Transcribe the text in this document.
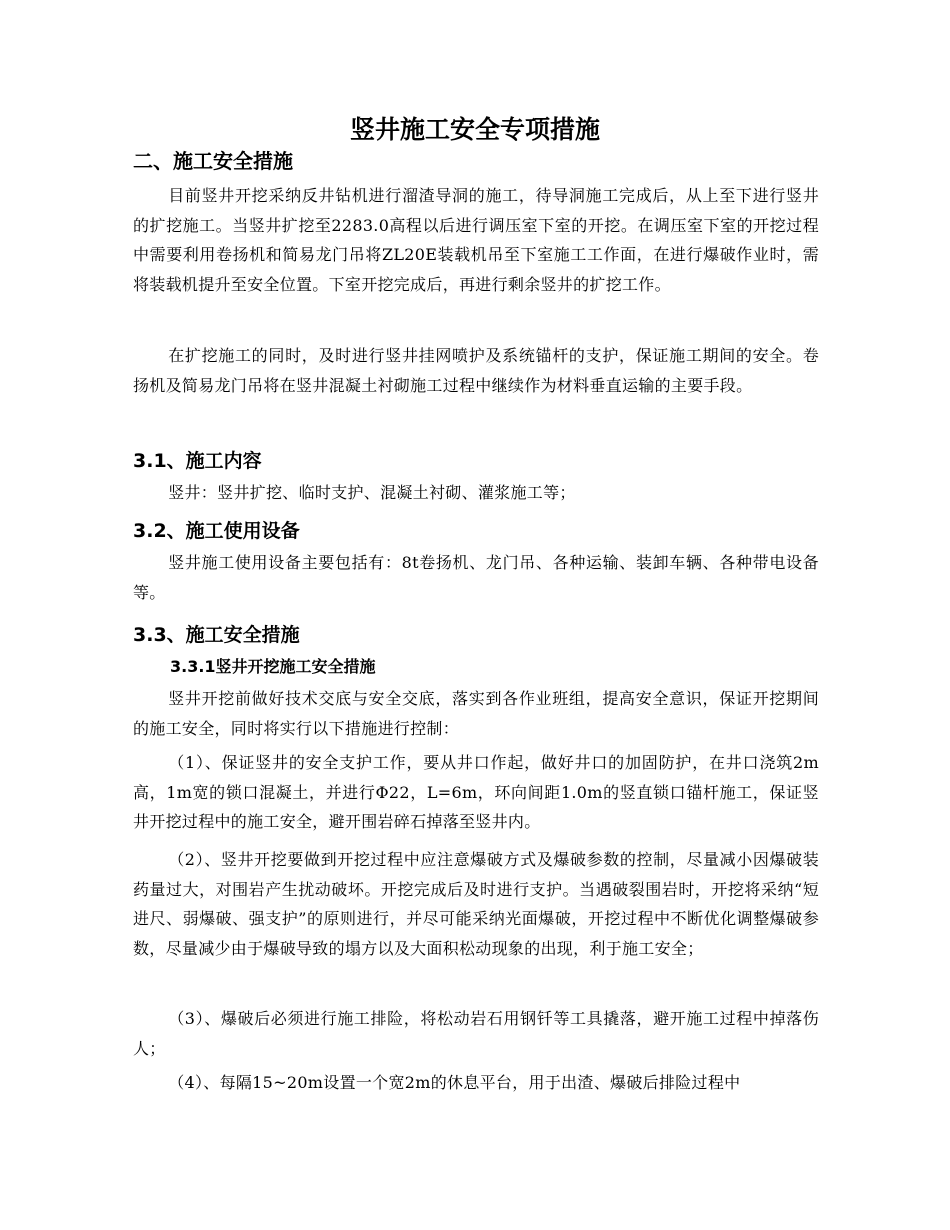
竖井施工安全专项措施
二、施工安全措施

目前竖井开挖采纳反井钻机进行溜渣导洞的施工，待导洞施工完成后，从上至下进行竖井的扩挖施工。当竖井扩挖至2283.0高程以后进行调压室下室的开挖。在调压室下室的开挖过程中需要利用卷扬机和简易龙门吊将ZL20E装载机吊至下室施工工作面，在进行爆破作业时，需将装载机提升至安全位置。下室开挖完成后，再进行剩余竖井的扩挖工作。

在扩挖施工的同时，及时进行竖井挂网喷护及系统锚杆的支护，保证施工期间的安全。卷扬机及简易龙门吊将在竖井混凝土衬砌施工过程中继续作为材料垂直运输的主要手段。

3.1、施工内容

竖井：竖井扩挖、临时支护、混凝土衬砌、灌浆施工等；

3.2、施工使用设备

竖井施工使用设备主要包括有：8t卷扬机、龙门吊、各种运输、装卸车辆、各种带电设备等。

3.3、施工安全措施
3.3.1竖井开挖施工安全措施

竖井开挖前做好技术交底与安全交底，落实到各作业班组，提高安全意识，保证开挖期间的施工安全，同时将实行以下措施进行控制：

（1）、保证竖井的安全支护工作，要从井口作起，做好井口的加固防护，在井口浇筑2m高，1m宽的锁口混凝土，并进行Φ22，L=6m，环向间距1.0m的竖直锁口锚杆施工，保证竖井开挖过程中的施工安全，避开围岩碎石掉落至竖井内。

（2）、竖井开挖要做到开挖过程中应注意爆破方式及爆破参数的控制，尽量减小因爆破装药量过大，对围岩产生扰动破坏。开挖完成后及时进行支护。当遇破裂围岩时，开挖将采纳“短进尺、弱爆破、强支护”的原则进行，并尽可能采纳光面爆破，开挖过程中不断优化调整爆破参数，尽量减少由于爆破导致的塌方以及大面积松动现象的出现，利于施工安全；

（3）、爆破后必须进行施工排险，将松动岩石用钢钎等工具撬落，避开施工过程中掉落伤人；

（4）、每隔15~20m设置一个宽2m的休息平台，用于出渣、爆破后排险过程中
